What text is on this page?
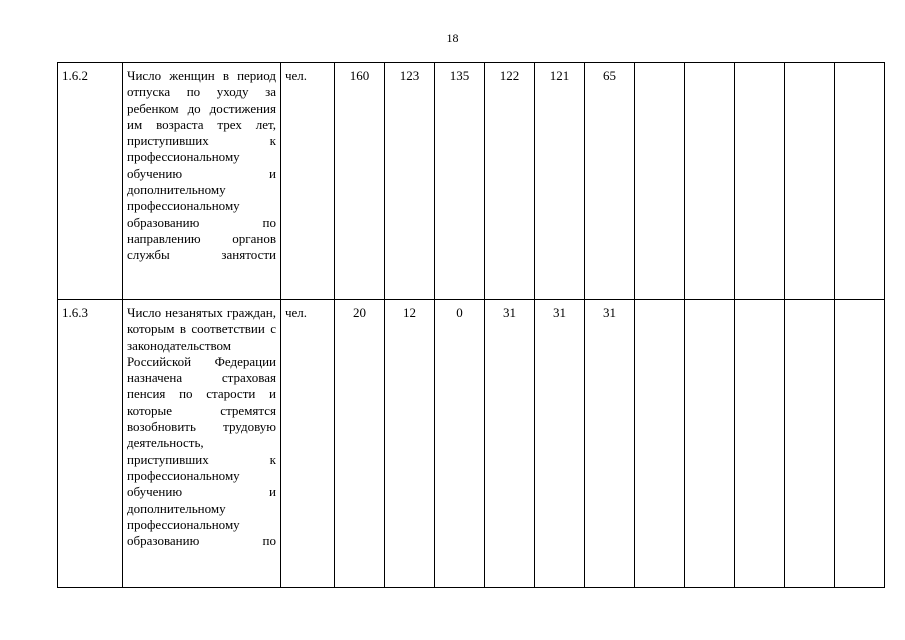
18
1.6.2	Число женщин в период отпуска по уходу за ребенком до достижения им возраста трех лет, приступивших к профессиональному обучению и дополнительному профессиональному образованию по направлению органов службы занятости	чел.	160	123	135	122	121	65					
1.6.3	Число незанятых граждан, которым в соответствии с законодательством Российской Федерации назначена страховая пенсия по старости и которые стремятся возобновить трудовую деятельность, приступивших к профессиональному обучению и дополнительному профессиональному образованию по	чел.	20	12	0	31	31	31					
